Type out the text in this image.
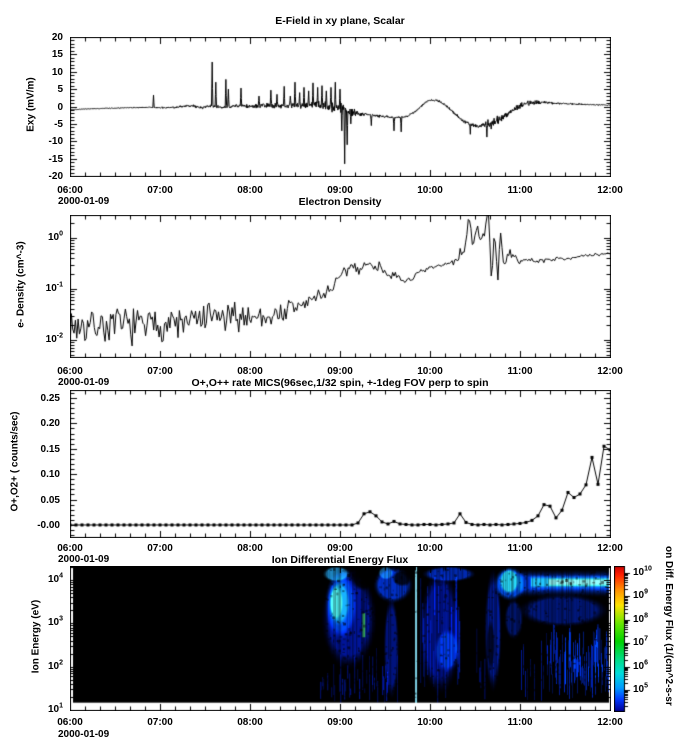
E-Field in xy plane, Scalar
Electron Density
O+,O++ rate MICS(96sec,1/32 spin, +-1deg FOV perp to spin
Ion Differential Energy Flux
Exy (mV/m)
e- Density (cm^-3)
O+,O2+ ( counts/sec)
Ion Energy (eV)	on Diff. Energy Flux (1/(cm^2-s-sr
06:00	07:00	08:00	09:00	10:00	11:00	12:00
2000-01-09
06:00	07:00	08:00	09:00	10:00	11:00	12:00
2000-01-09
06:00	07:00	08:00	09:00	10:00	11:00	12:00
2000-01-09
06:00	07:00	08:00	09:00	10:00	11:00	12:00
2000-01-09
20
15
10
5
0
-5
-10
-15
-20
$10^0$
$10^{-1}$
$10^{-2}$
0.25
0.20
0.15
0.10
0.05
-0.00
$10^4$
$10^3$
$10^2$
$10^1$
$10^{10}$
$10^9$
$10^8$
$10^7$
$10^6$
$10^5$
